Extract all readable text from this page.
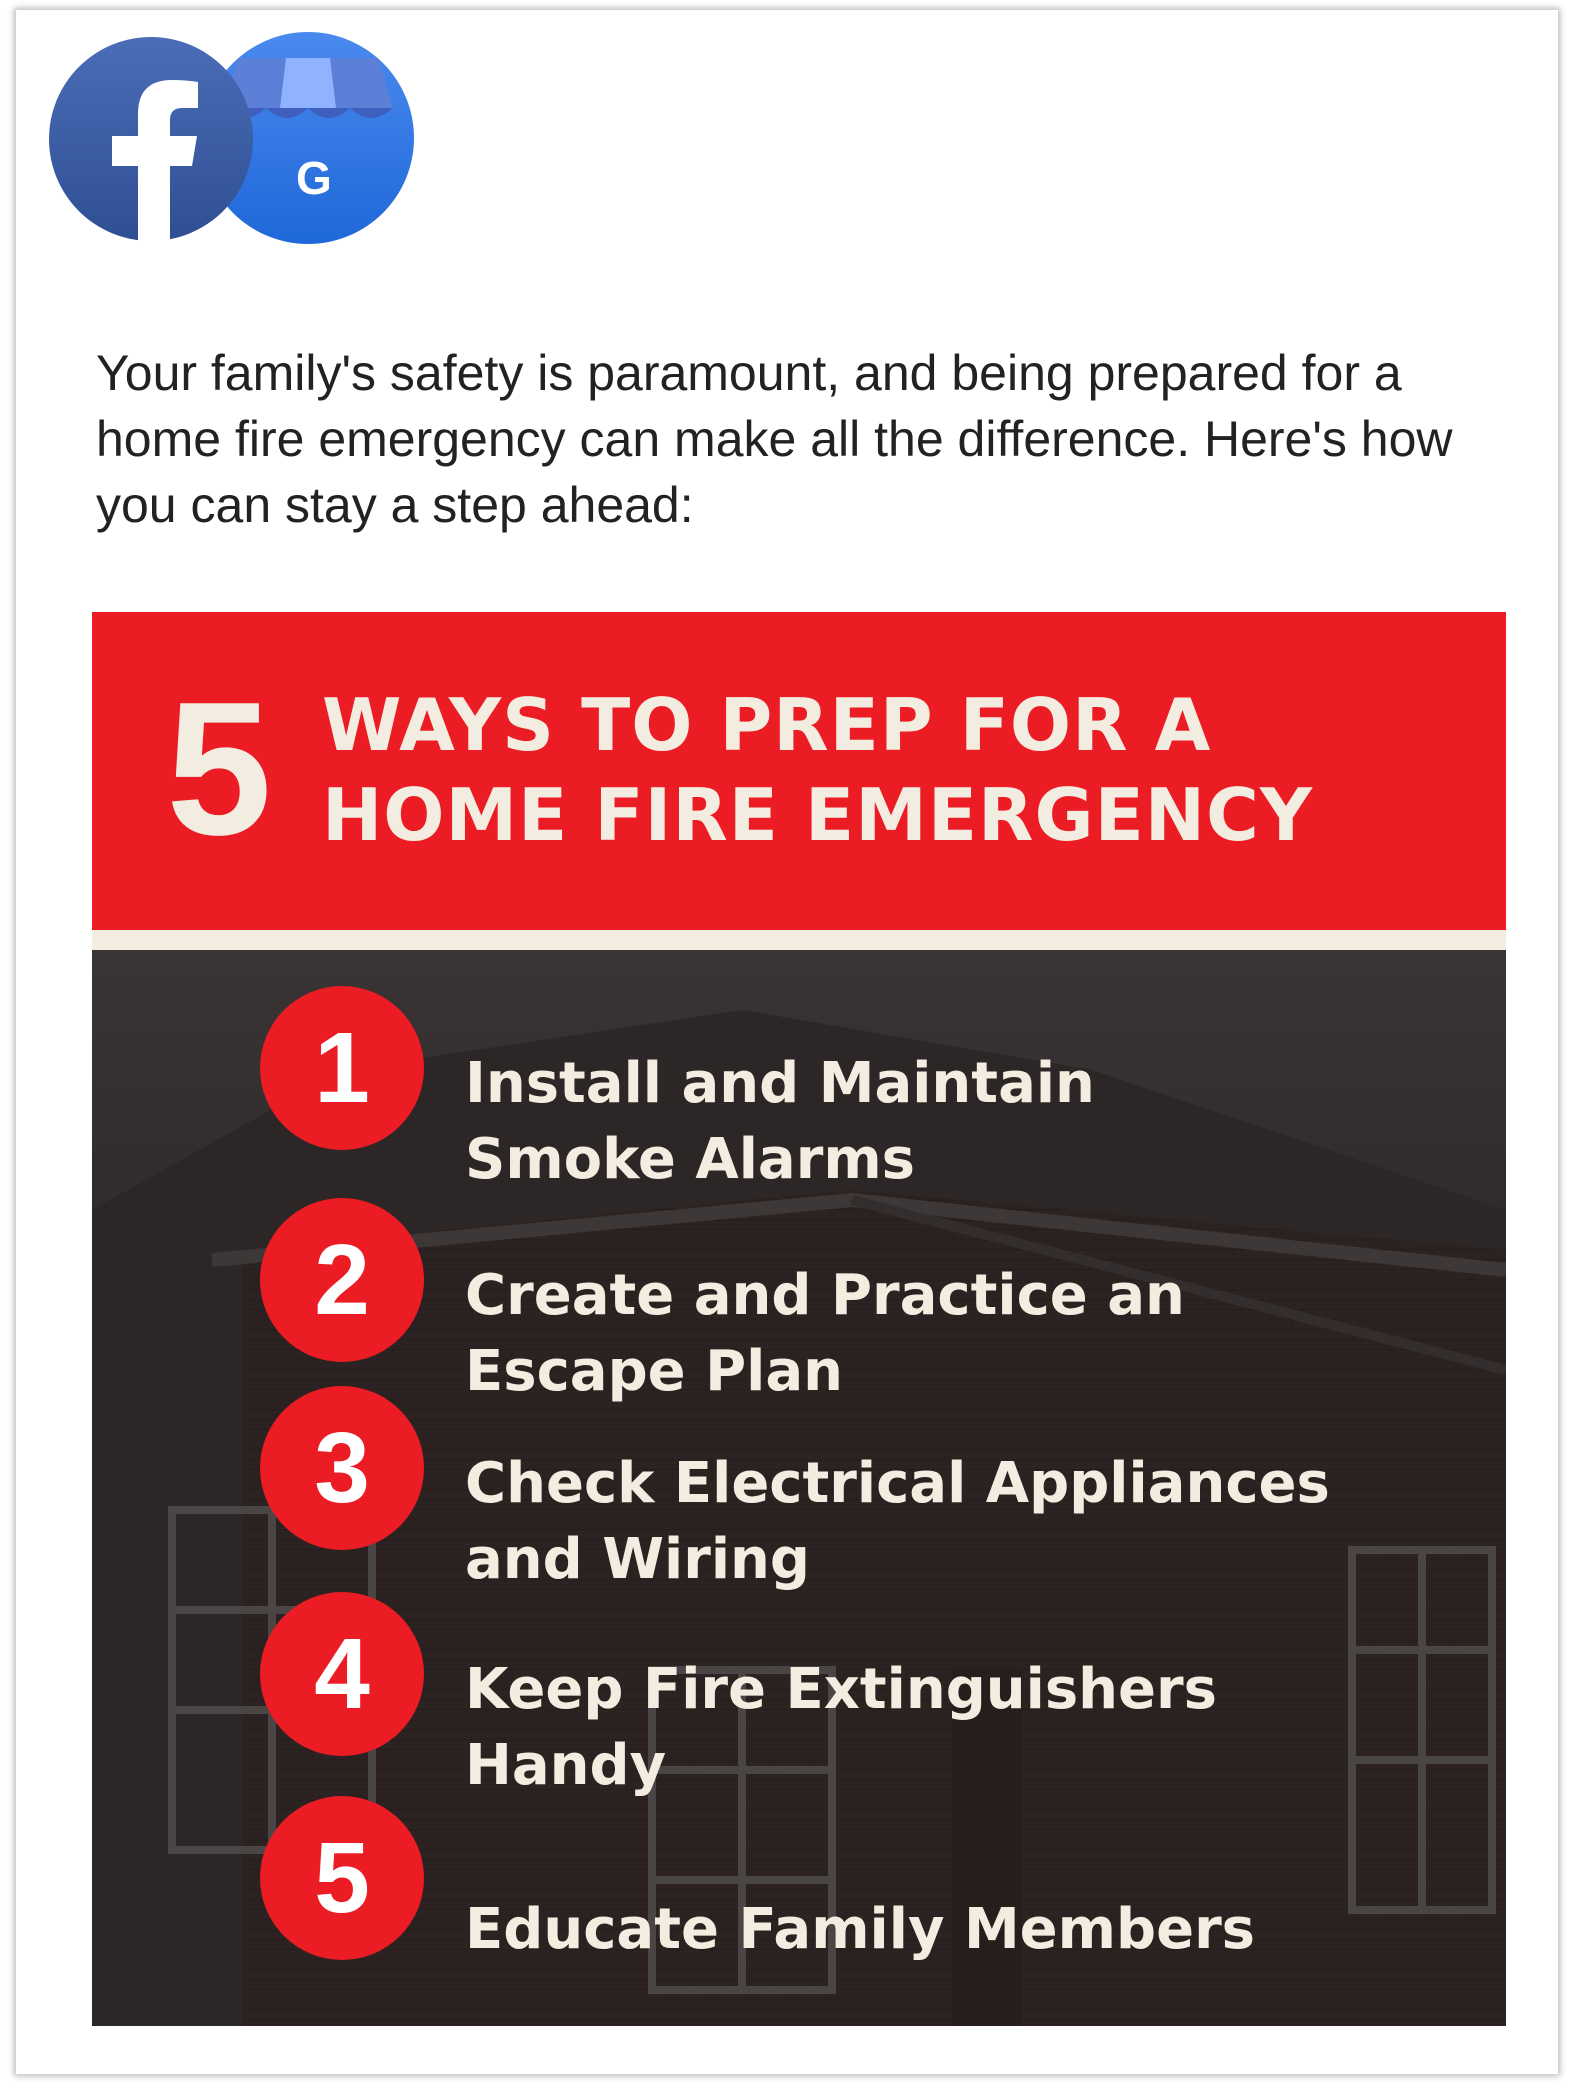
G

Your family's safety is paramount, and being prepared for a home fire emergency can make all the difference. Here's how you can stay a step ahead:

5 WAYS TO PREP FOR A
HOME FIRE EMERGENCY
1	Install and Maintain
Smoke Alarms

2	Create and Practice an
Escape Plan

3	Check Electrical Appliances
and Wiring

4	Keep Fire Extinguishers
Handy

5	Educate Family Members
